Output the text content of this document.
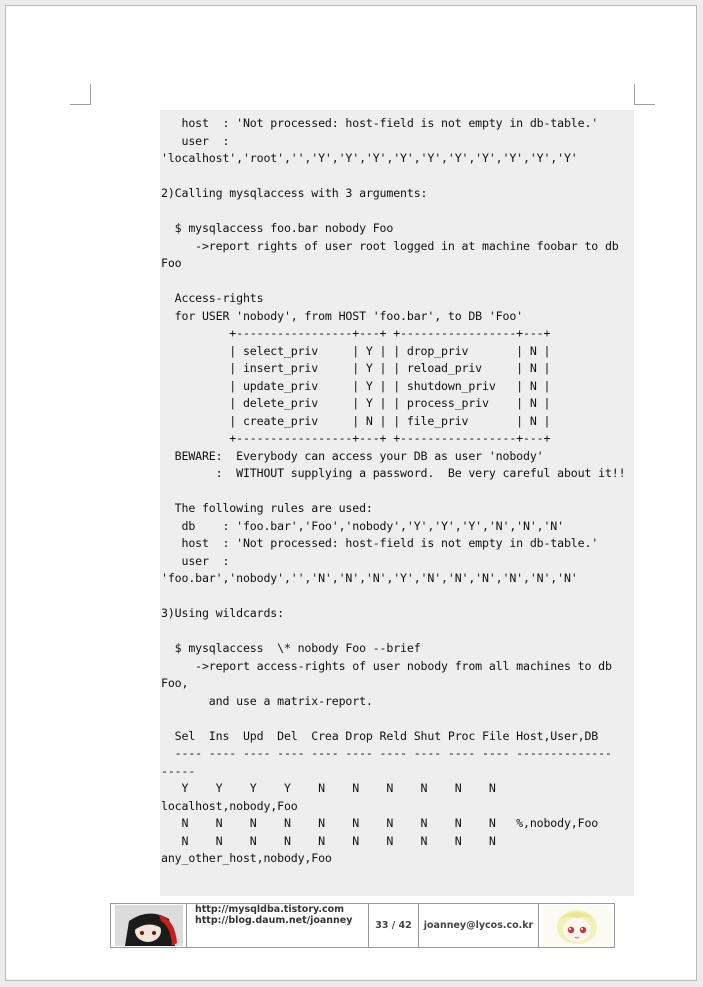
host  : 'Not processed: host-field is not empty in db-table.'
user  :
'localhost','root','','Y','Y','Y','Y','Y','Y','Y','Y','Y','Y'
2)Calling mysqlaccess with 3 arguments:
$ mysqlaccess foo.bar nobody Foo
->report rights of user root logged in at machine foobar to db
Foo
Access-rights
for USER 'nobody', from HOST 'foo.bar', to DB 'Foo'
+-----------------+---+ +-----------------+---+
| select_priv     | Y | | drop_priv       | N |
| insert_priv     | Y | | reload_priv     | N |
| update_priv     | Y | | shutdown_priv   | N |
| delete_priv     | Y | | process_priv    | N |
| create_priv     | N | | file_priv       | N |
+-----------------+---+ +-----------------+---+
BEWARE:  Everybody can access your DB as user 'nobody'
:  WITHOUT supplying a password.  Be very careful about it!!
The following rules are used:
db    : 'foo.bar','Foo','nobody','Y','Y','Y','N','N','N'
host  : 'Not processed: host-field is not empty in db-table.'
user  :
'foo.bar','nobody','','N','N','N','Y','N','N','N','N','N','N'
3)Using wildcards:
$ mysqlaccess  \* nobody Foo --brief
->report access-rights of user nobody from all machines to db
Foo,
and use a matrix-report.
Sel  Ins  Upd  Del  Crea Drop Reld Shut Proc File Host,User,DB
---- ---- ---- ---- ---- ---- ---- ---- ---- ---- --------------
-----
Y    Y    Y    Y    N    N    N    N    N    N
localhost,nobody,Foo
N    N    N    N    N    N    N    N    N    N   %,nobody,Foo
N    N    N    N    N    N    N    N    N    N
any_other_host,nobody,Foo
http://mysqldba.tistory.com
http://blog.daum.net/joanney	33 / 42	joanney@lycos.co.kr
